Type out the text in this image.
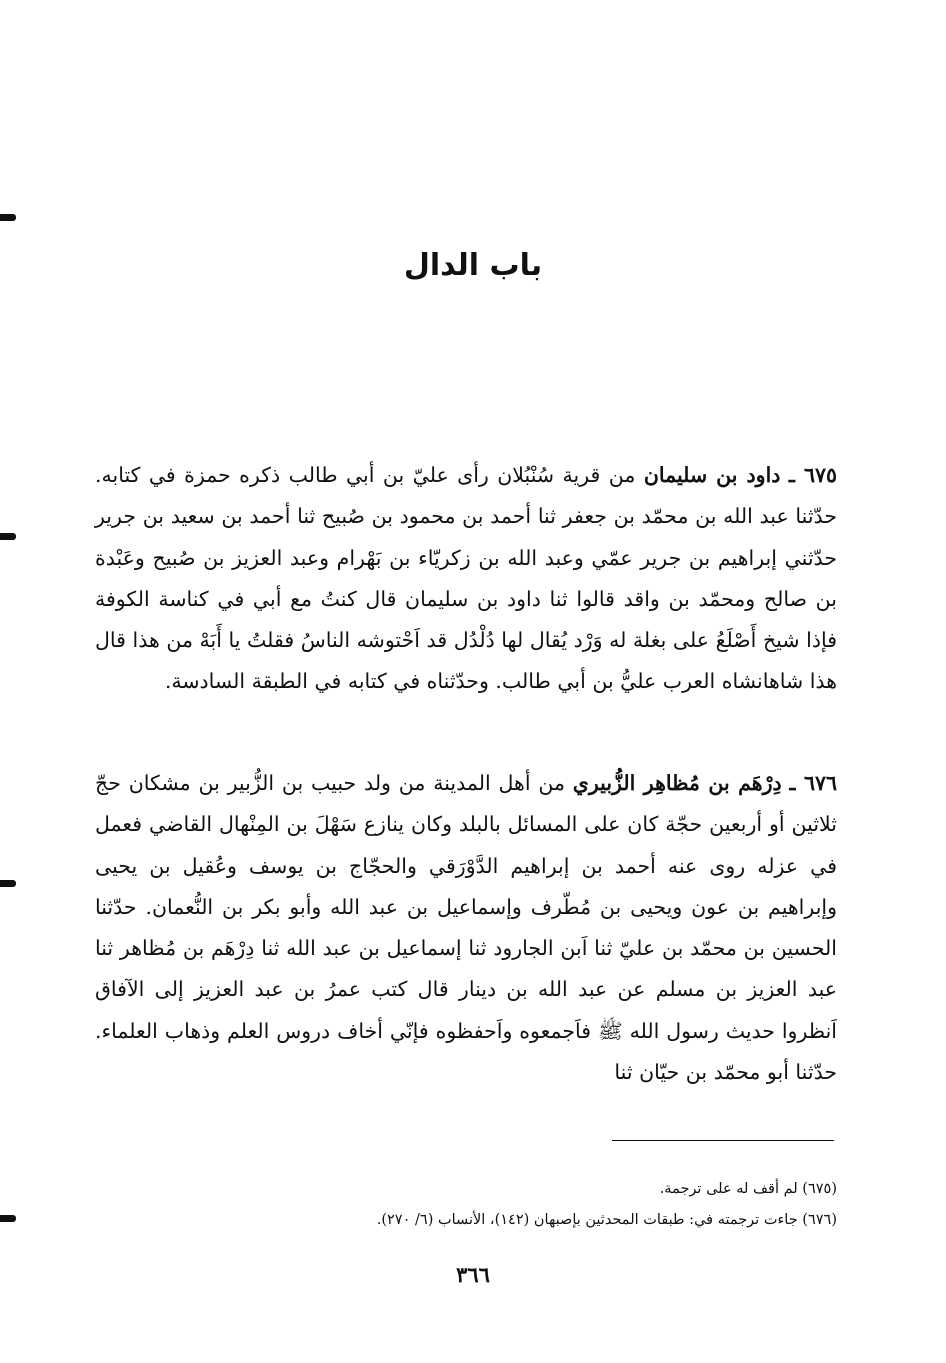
باب الدال

٦٧٥ ـ داود بن سليمان من قرية سُنْبُلان رأى عليّ بن أبي طالب ذكره حمزة في كتابه. حدّثنا عبد الله بن محمّد بن جعفر ثنا أحمد بن محمود بن صُبيح ثنا أحمد بن سعيد بن جرير حدّثني إبراهيم بن جرير عمّي وعبد الله بن زكريّاء بن بَهْرام وعبد العزيز بن صُبيح وعَبْدة بن صالح ومحمّد بن واقد قالوا ثنا داود بن سليمان قال كنتُ مع أبي في كناسة الكوفة فإذا شيخ أَصْلَعُ على بغلة له وَرْد يُقال لها دُلْدُل قد اَحْتوشه الناسُ فقلتُ يا أَبَهْ من هذا قال هذا شاهانشاه العرب عليُّ بن أبي طالب. وحدّثناه في كتابه في الطبقة السادسة.

٦٧٦ ـ دِرْهَم بن مُظاهِر الزُّبيري من أهل المدينة من ولد حبيب بن الزُّبير بن مشكان حجّ ثلاثين أو أربعين حجّة كان على المسائل بالبلد وكان ينازع سَهْلَ بن المِنْهال القاضي فعمل في عزله روى عنه أحمد بن إبراهيم الدَّوْرَقي والحجّاج بن يوسف وعُقيل بن يحيى وإبراهيم بن عون ويحيى بن مُطّرف وإسماعيل بن عبد الله وأبو بكر بن النُّعمان. حدّثنا الحسين بن محمّد بن عليّ ثنا اَبن الجارود ثنا إسماعيل بن عبد الله ثنا دِرْهَم بن مُظاهر ثنا عبد العزيز بن مسلم عن عبد الله بن دينار قال كتب عمرُ بن عبد العزيز إلى الآفاق اَنظروا حديث رسول الله ﷺ فاَجمعوه واَحفظوه فإنّي أخاف دروس العلم وذهاب العلماء. حدّثنا أبو محمّد بن حيّان ثنا

(٦٧٥) لم أقف له على ترجمة.

(٦٧٦) جاءت ترجمته في: طبقات المحدثين بإصبهان (١٤٢)، الأنساب (٦/ ٢٧٠).

٣٦٦
